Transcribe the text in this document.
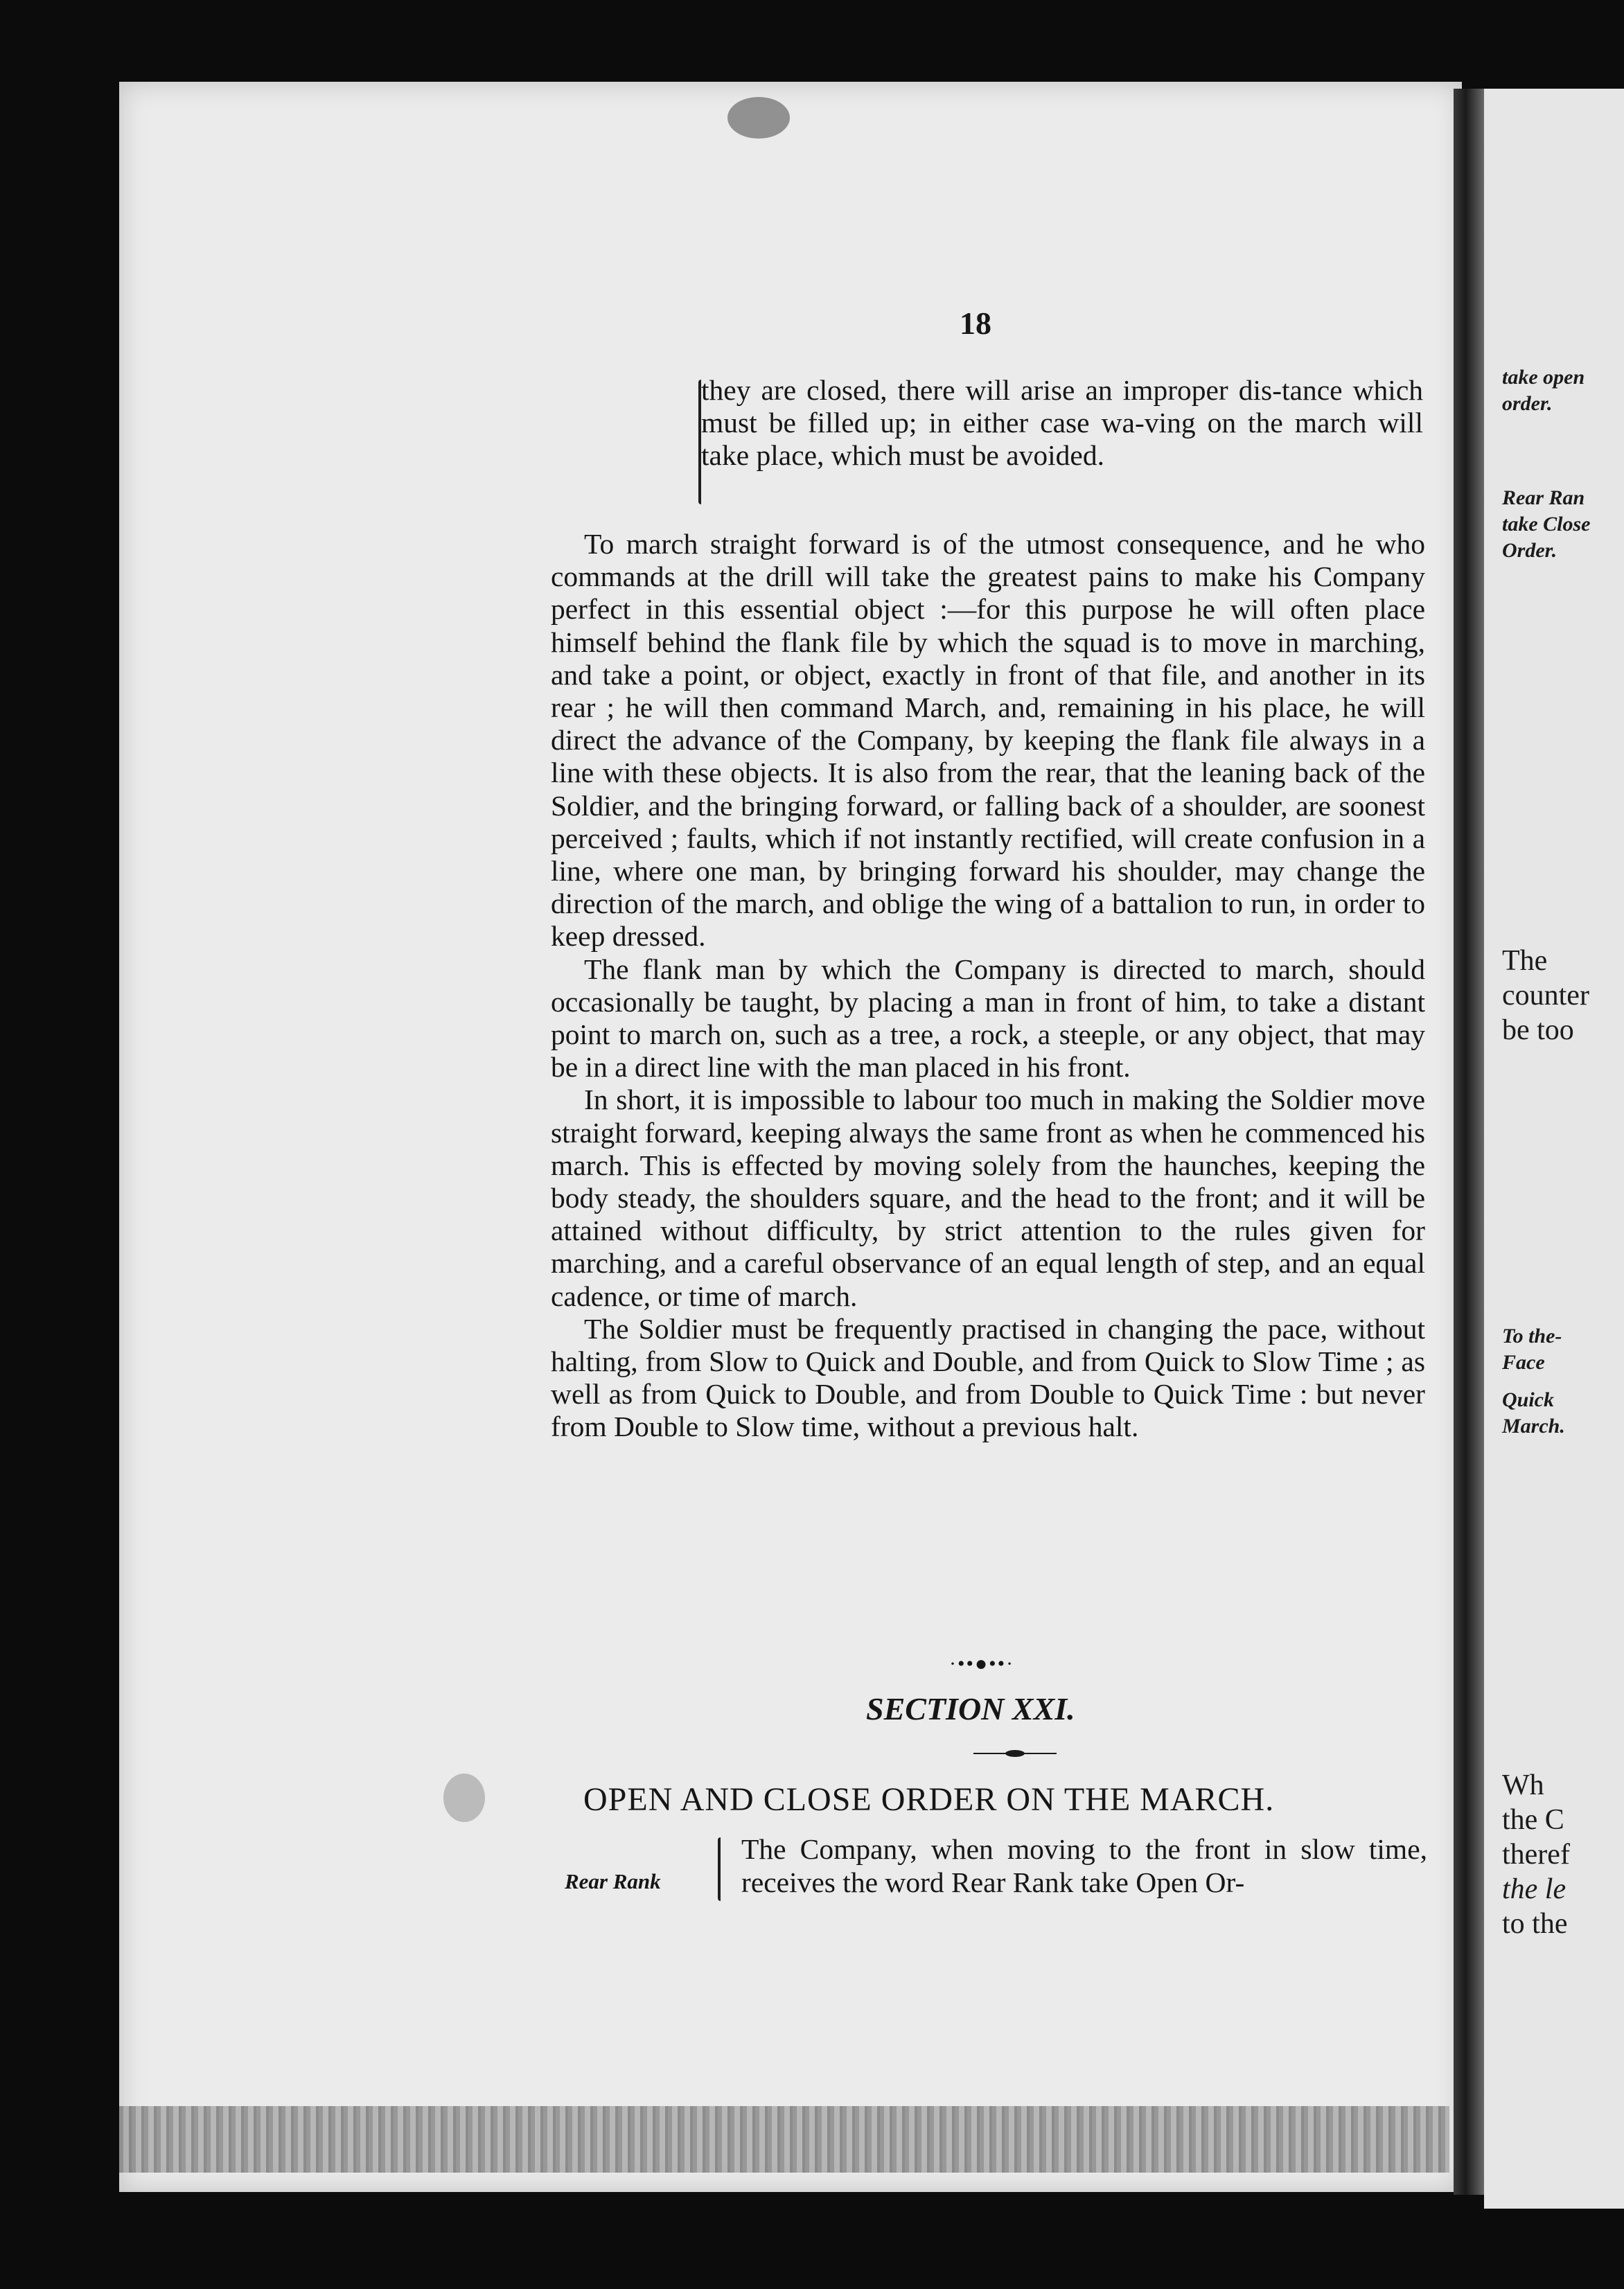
take open
order.
Rear Ran
take Close
Order.
The
counter
be too
To the-
Face
Quick
March.
Wh
the C
theref
the le
to the
18
they are closed, there will arise an improper dis-tance which must be filled up; in either case wa-ving on the march will take place, which must be avoided.

To march straight forward is of the utmost consequence, and he who commands at the drill will take the greatest pains to make his Company perfect in this essential object :—for this purpose he will often place himself behind the flank file by which the squad is to move in marching, and take a point, or object, exactly in front of that file, and another in its rear ; he will then command March, and, remaining in his place, he will direct the advance of the Company, by keeping the flank file always in a line with these objects. It is also from the rear, that the leaning back of the Soldier, and the bringing forward, or falling back of a shoulder, are soonest perceived ; faults, which if not instantly rectified, will create confusion in a line, where one man, by bringing forward his shoulder, may change the direction of the march, and oblige the wing of a battalion to run, in order to keep dressed.

The flank man by which the Company is directed to march, should occasionally be taught, by placing a man in front of him, to take a distant point to march on, such as a tree, a rock, a steeple, or any object, that may be in a direct line with the man placed in his front.

In short, it is impossible to labour too much in making the Soldier move straight forward, keeping always the same front as when he commenced his march. This is effected by moving solely from the haunches, keeping the body steady, the shoulders square, and the head to the front; and it will be attained without difficulty, by strict attention to the rules given for marching, and a careful observance of an equal length of step, and an equal cadence, or time of march.

The Soldier must be frequently practised in changing the pace, without halting, from Slow to Quick and Double, and from Quick to Slow Time ; as well as from Quick to Double, and from Double to Quick Time : but never from Double to Slow time, without a previous halt.

·••●••·
SECTION XXI.
OPEN AND CLOSE ORDER ON THE MARCH.
Rear Rank
The Company, when moving to the front in slow time, receives the word Rear Rank take Open Or-
